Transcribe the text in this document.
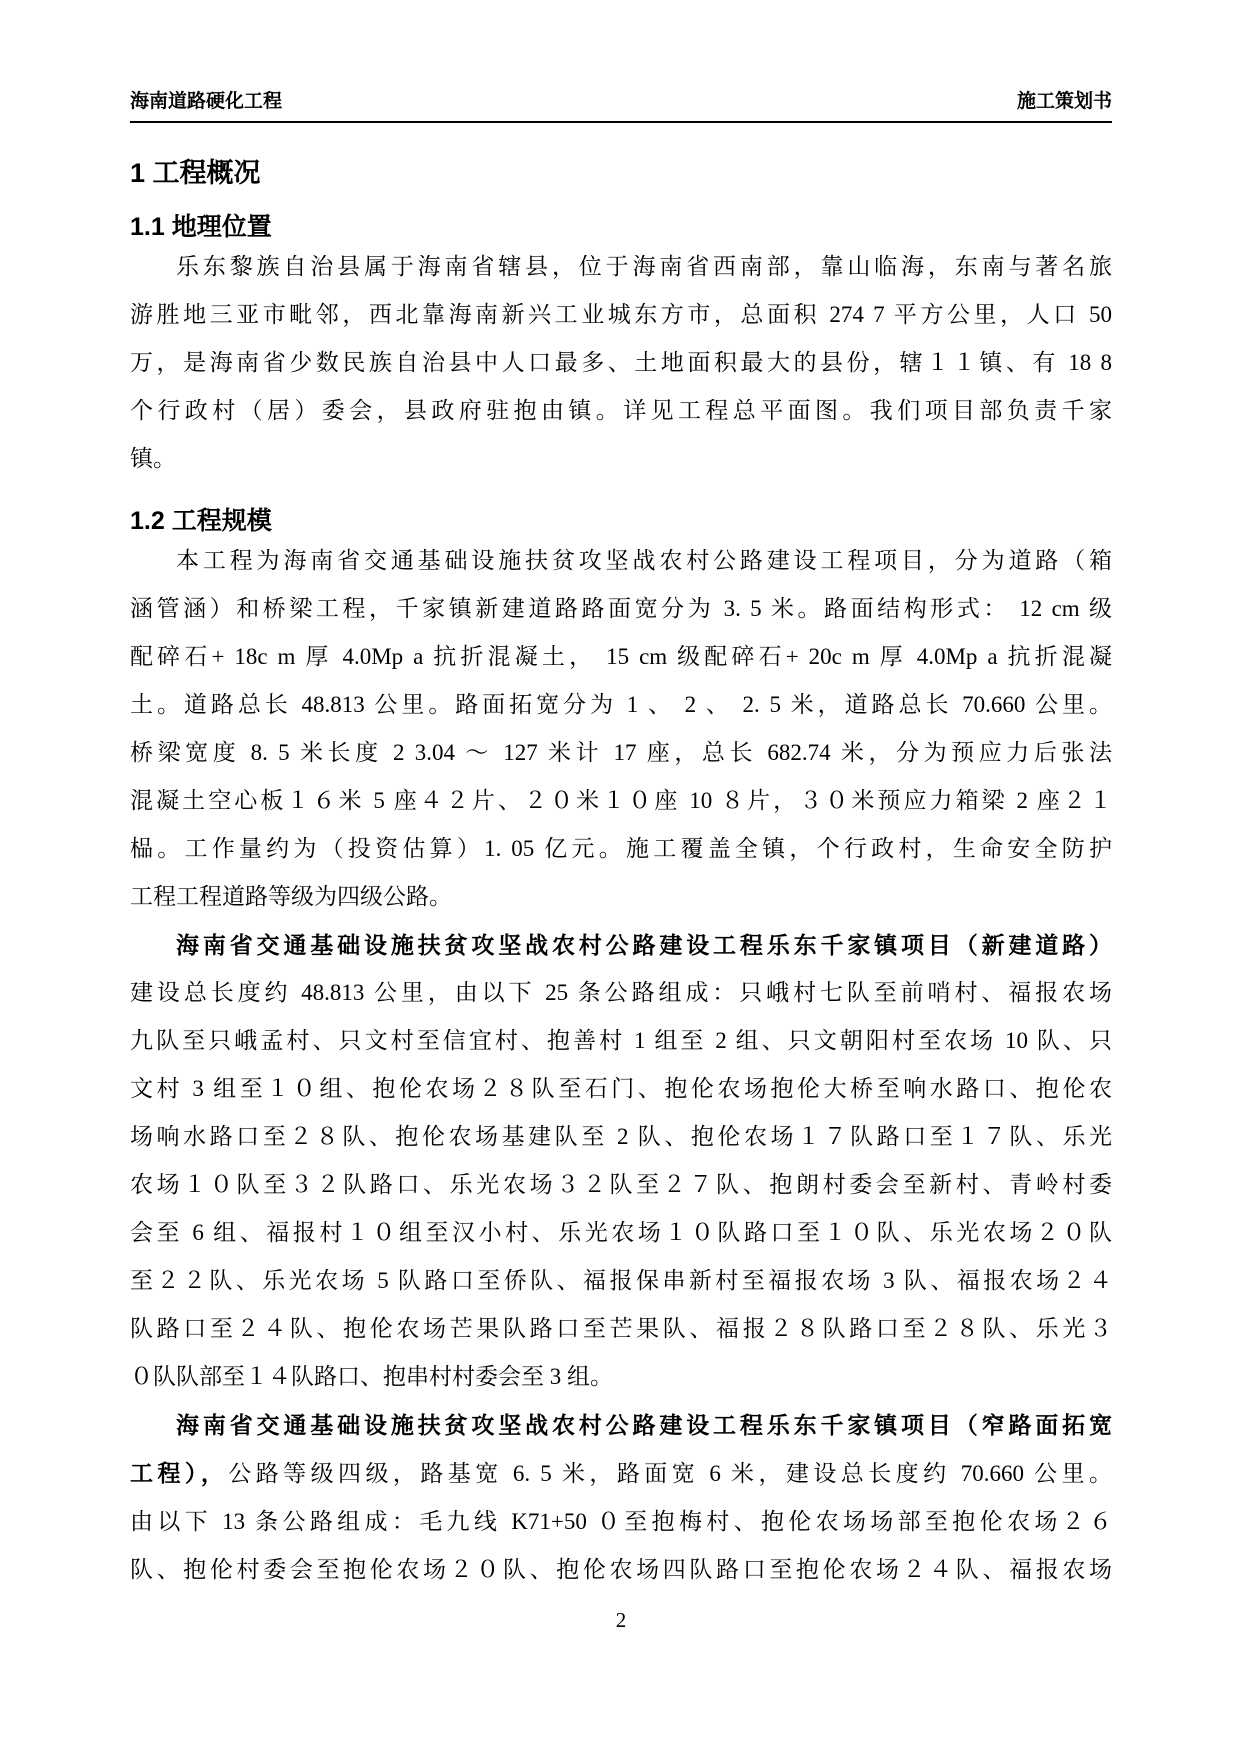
海南道路硬化工程	施工策划书
1 工程概况
1.1 地理位置

乐东黎族自治县属于海南省辖县，位于海南省西南部，靠山临海，东南与著名旅

游胜地三亚市毗邻，西北靠海南新兴工业城东方市，总面积 274 7 平方公里，人口 50

万，是海南省少数民族自治县中人口最多、土地面积最大的县份，辖１１镇、有 18 8

个行政村（居）委会，县政府驻抱由镇。详见工程总平面图。我们项目部负责千家

镇。

1.2 工程规模

本工程为海南省交通基础设施扶贫攻坚战农村公路建设工程项目，分为道路（箱

涵管涵）和桥梁工程，千家镇新建道路路面宽分为 3. 5 米。路面结构形式： 12 cm 级

配碎石+ 18c m 厚 4.0Mp a 抗折混凝土， 15 cm 级配碎石+ 20c m 厚 4.0Mp a 抗折混凝

土。道路总长 48.813 公里。路面拓宽分为 1 、 2 、 2. 5 米，道路总长 70.660 公里。

桥梁宽度 8. 5 米长度 2 3.04 ～ 127 米计 17 座，总长 682.74 米，分为预应力后张法

混凝土空心板１６米 5 座４２片、２０米１０座 10 ８片，３０米预应力箱梁 2 座２１

榀。工作量约为（投资估算）1. 05 亿元。施工覆盖全镇，个行政村，生命安全防护

工程工程道路等级为四级公路。

海南省交通基础设施扶贫攻坚战农村公路建设工程乐东千家镇项目（新建道路）

建设总长度约 48.813 公里，由以下 25 条公路组成：只峨村七队至前哨村、福报农场

九队至只峨孟村、只文村至信宜村、抱善村 1 组至 2 组、只文朝阳村至农场 10 队、只

文村 3 组至１０组、抱伦农场２８队至石门、抱伦农场抱伦大桥至响水路口、抱伦农

场响水路口至２８队、抱伦农场基建队至 2 队、抱伦农场１７队路口至１７队、乐光

农场１０队至３２队路口、乐光农场３２队至２７队、抱朗村委会至新村、青岭村委

会至 6 组、福报村１０组至汉小村、乐光农场１０队路口至１０队、乐光农场２０队

至２２队、乐光农场 5 队路口至侨队、福报保串新村至福报农场 3 队、福报农场２４

队路口至２４队、抱伦农场芒果队路口至芒果队、福报２８队路口至２８队、乐光３

０队队部至１４队路口、抱串村村委会至 3 组。

海南省交通基础设施扶贫攻坚战农村公路建设工程乐东千家镇项目（窄路面拓宽

工程），公路等级四级，路基宽 6. 5 米，路面宽 6 米，建设总长度约 70.660 公里。

由以下 13 条公路组成：毛九线 K71+50 ０至抱梅村、抱伦农场场部至抱伦农场２６

队、抱伦村委会至抱伦农场２０队、抱伦农场四队路口至抱伦农场２４队、福报农场

2
